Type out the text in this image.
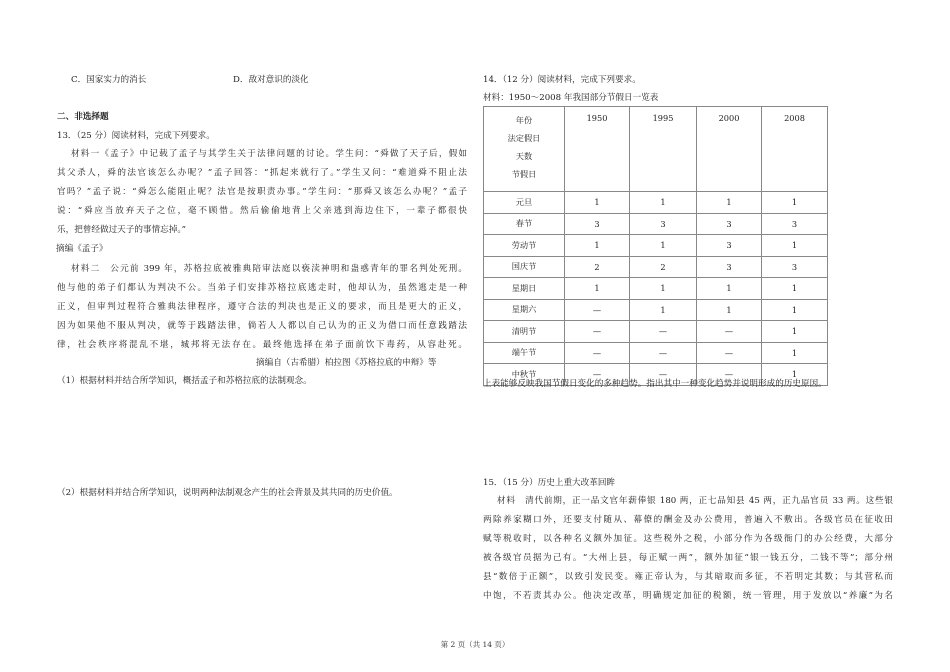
C．国家实力的消长	D．敌对意识的淡化
二、非选择题
13．（25 分）阅读材料，完成下列要求。
材料一《孟子》中记载了孟子与其学生关于法律问题的讨论。学生问：“舜做了天子后，假如
其父杀人，舜的法官该怎么办呢？”孟子回答：“抓起来就行了。”学生又问：“难道舜不阻止法
官吗？”孟子说：“舜怎么能阻止呢？法官是按职责办事。”学生问：“那舜又该怎么办呢？”孟子
说：“舜应当放弃天子之位，毫不顾惜。然后偷偷地背上父亲逃到海边住下，一辈子都很快
乐，把曾经做过天子的事情忘掉。”
摘编《孟子》
材料二　公元前 399 年，苏格拉底被雅典陪审法庭以亵渎神明和蛊惑青年的罪名判处死刑。
他与他的弟子们都认为判决不公。当弟子们安排苏格拉底逃走时，他却认为，虽然逃走是一种
正义，但审判过程符合雅典法律程序，遵守合法的判决也是正义的要求，而且是更大的正义，
因为如果他不服从判决，就等于践踏法律，倘若人人都以自己认为的正义为借口而任意践踏法
律，社会秩序将混乱不堪，城邦将无法存在。最终他选择在弟子面前饮下毒药，从容赴死。
摘编自（古希腊）柏拉图《苏格拉底的申辩》等
（1）根据材料并结合所学知识，概括孟子和苏格拉底的法制观念。
（2）根据材料并结合所学知识，说明两种法制观念产生的社会背景及其共同的历史价值。
14．（12 分）阅读材料，完成下列要求。
材料：1950～2008 年我国部分节假日一览表
年份
法定假日
天数
节假日	1950	1995	2000	2008
元旦	1	1	1	1
春节	3	3	3	3
劳动节	1	1	3	1
国庆节	2	2	3	3
星期日	1	1	1	1
星期六	—	1	1	1
清明节	—	—	—	1
端午节	—	—	—	1
中秋节	—	—	—	1
上表能够反映我国节假日变化的多种趋势。指出其中一种变化趋势并说明形成的历史原因。
15．（15 分）历史上重大改革回眸
材料　清代前期，正一品文官年薪俸银 180 两，正七品知县 45 两，正九品官员 33 两。这些银
两除养家糊口外，还要支付随从、幕僚的酬金及办公费用，普遍入不敷出。各级官员在征收田
赋等税收时，以各种名义额外加征。这些税外之税，小部分作为各级衙门的办公经费，大部分
被各级官员据为己有。“大州上县，每正赋一两”，额外加征“银一钱五分，二钱不等”；部分州
县“数倍于正额”，以致引发民变。雍正帝认为，与其暗取而多征，不若明定其数；与其营私而
中饱，不若责其办公。他决定改革，明确规定加征的税额，统一管理，用于发放以“养廉”为名
第 2 页（共 14 页）
